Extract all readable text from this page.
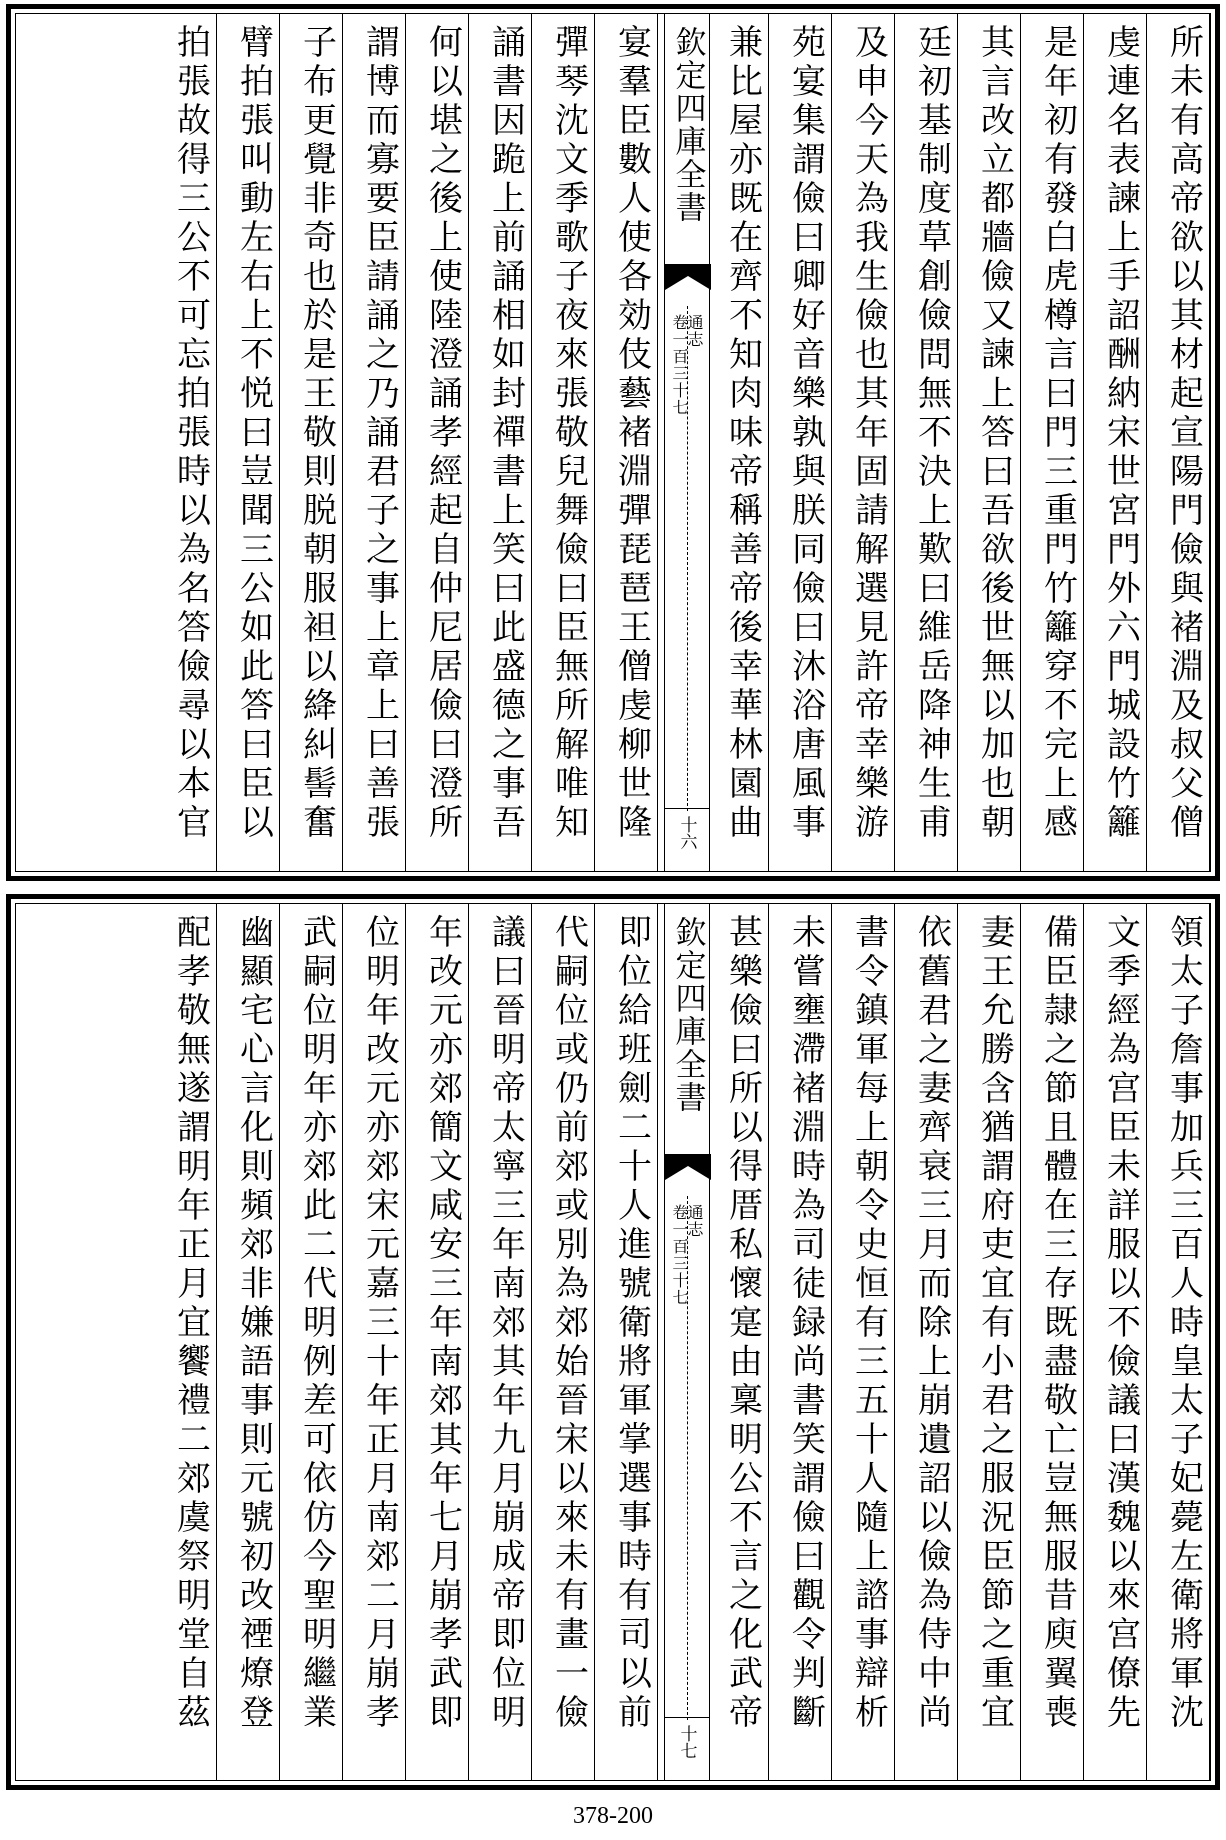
所未有高帝欲以其材起宣陽門儉與褚淵及叔父僧
虔連名表諫上手詔酬納宋世宮門外六門城設竹籬
是年初有發白虎樽言曰門三重門竹籬穿不完上感
其言改立都牆儉又諫上答曰吾欲後世無以加也朝
廷初基制度草創儉問無不決上歎曰維岳降神生甫
及申今天為我生儉也其年固請解選見許帝幸樂游
苑宴集謂儉曰卿好音樂孰與朕同儉曰沐浴唐風事
兼比屋亦既在齊不知肉味帝稱善帝後幸華林園曲
欽定四庫全書
通志
卷一百三十七
十六
宴羣臣數人使各効伎藝褚淵彈琵琶王僧虔柳世隆
彈琴沈文季歌子夜來張敬兒舞儉曰臣無所解唯知
誦書因跪上前誦相如封禪書上笑曰此盛德之事吾
何以堪之後上使陸澄誦孝經起自仲尼居儉曰澄所
謂博而寡要臣請誦之乃誦君子之事上章上曰善張
子布更覺非奇也於是王敬則脱朝服袒以絳糾髻奮
臂拍張叫動左右上不悦曰豈聞三公如此答曰臣以
拍張故得三公不可忘拍張時以為名答儉尋以本官
領太子詹事加兵三百人時皇太子妃薨左衛將軍沈
文季經為宫臣未詳服以不儉議曰漢魏以來宫僚先
備臣隷之節且體在三存既盡敬亡豈無服昔庾翼喪
妻王允勝含猶謂府吏宜有小君之服況臣節之重宜
依舊君之妻齊衰三月而除上崩遺詔以儉為侍中尚
書令鎮軍每上朝令史恒有三五十人隨上諮事辯析
未嘗壅滯褚淵時為司徒録尚書笑謂儉曰觀令判斷
甚樂儉曰所以得厝私懷寔由稟明公不言之化武帝
欽定四庫全書
通志
卷一百三十七
十七
即位給班劍二十人進號衛將軍掌選事時有司以前
代嗣位或仍前郊或別為郊始晉宋以來未有畫一儉
議曰晉明帝太寧三年南郊其年九月崩成帝即位明
年改元亦郊簡文咸安三年南郊其年七月崩孝武即
位明年改元亦郊宋元嘉三十年正月南郊二月崩孝
武嗣位明年亦郊此二代明例差可依仿今聖明繼業
幽顯宅心言化則頻郊非嫌語事則元號初改禋燎登
配孝敬無遂謂明年正月宜饗禮二郊虞祭明堂自茲
378-200
